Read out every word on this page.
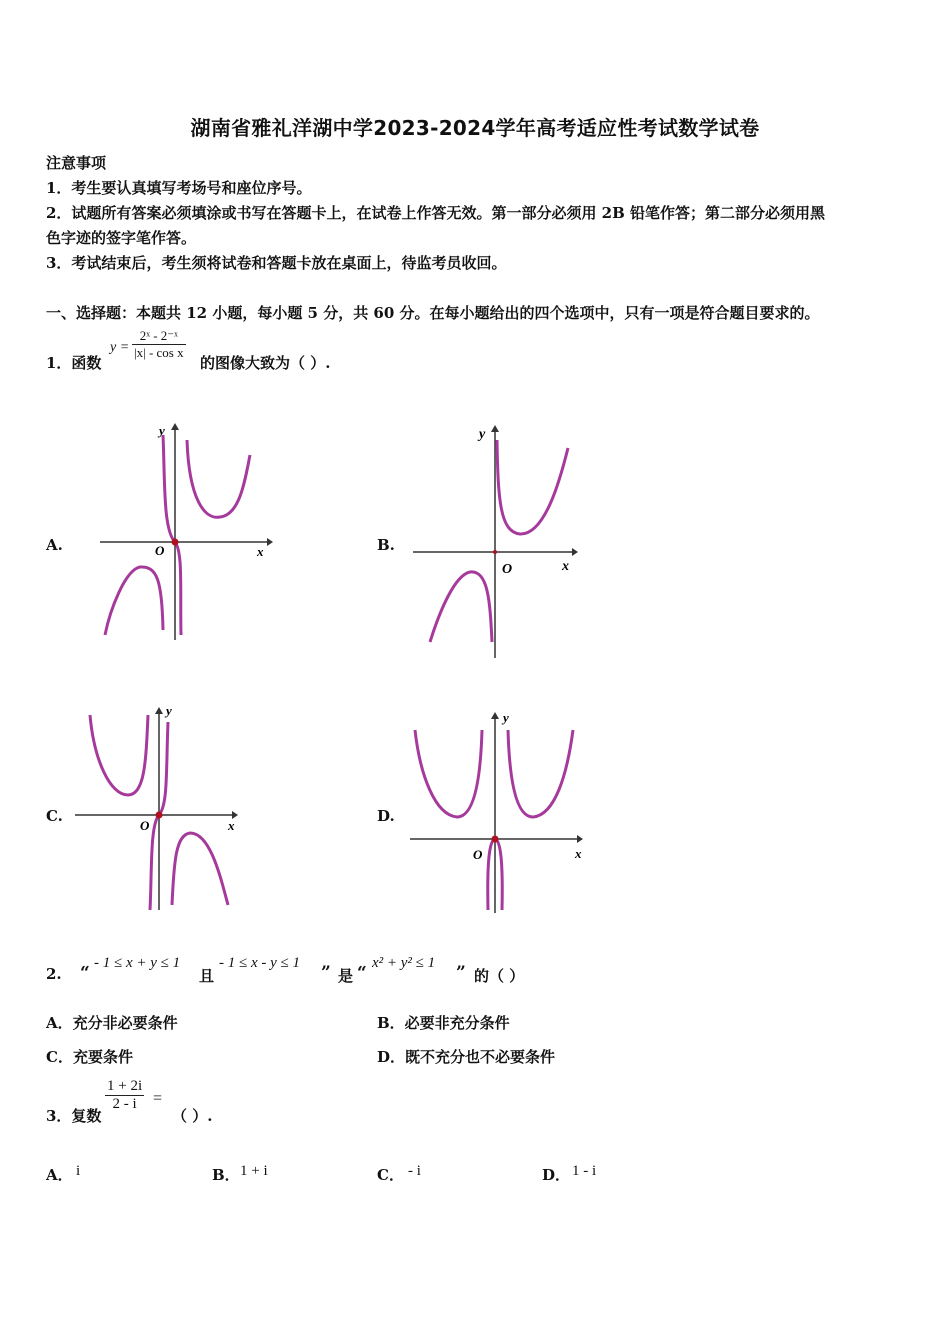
湖南省雅礼洋湖中学2023-2024学年高考适应性考试数学试卷
注意事项
1．考生要认真填写考场号和座位序号。
2．试题所有答案必须填涂或书写在答题卡上，在试卷上作答无效。第一部分必须用 2B 铅笔作答；第二部分必须用黑
色字迹的签字笔作答。
3．考试结束后，考生须将试卷和答题卡放在桌面上，待监考员收回。
一、选择题：本题共 12 小题，每小题 5 分，共 60 分。在每小题给出的四个选项中，只有一项是符合题目要求的。
1．函数
$y = \frac{\text{2ˣ - 2⁻ˣ}}{\text{|x| - cos x}}$
的图像大致为（ ）.
A.	B.
C.	D.
O	x
y
O	x
y
O	x
y
O	x
y
2. “ - 1 ≤ x + y ≤ 1
且
- 1 ≤ x - y ≤ 1 ” 是 “ x² + y² ≤ 1 ” 的（ ）
A．充分非必要条件	B．必要非充分条件
C．充要条件	D．既不充分也不必要条件
3．复数
$\frac{1 + 2i}{2 - i}$ =
（ ）.
A． i	B． 1 + i	C． - i	D． 1 - i
